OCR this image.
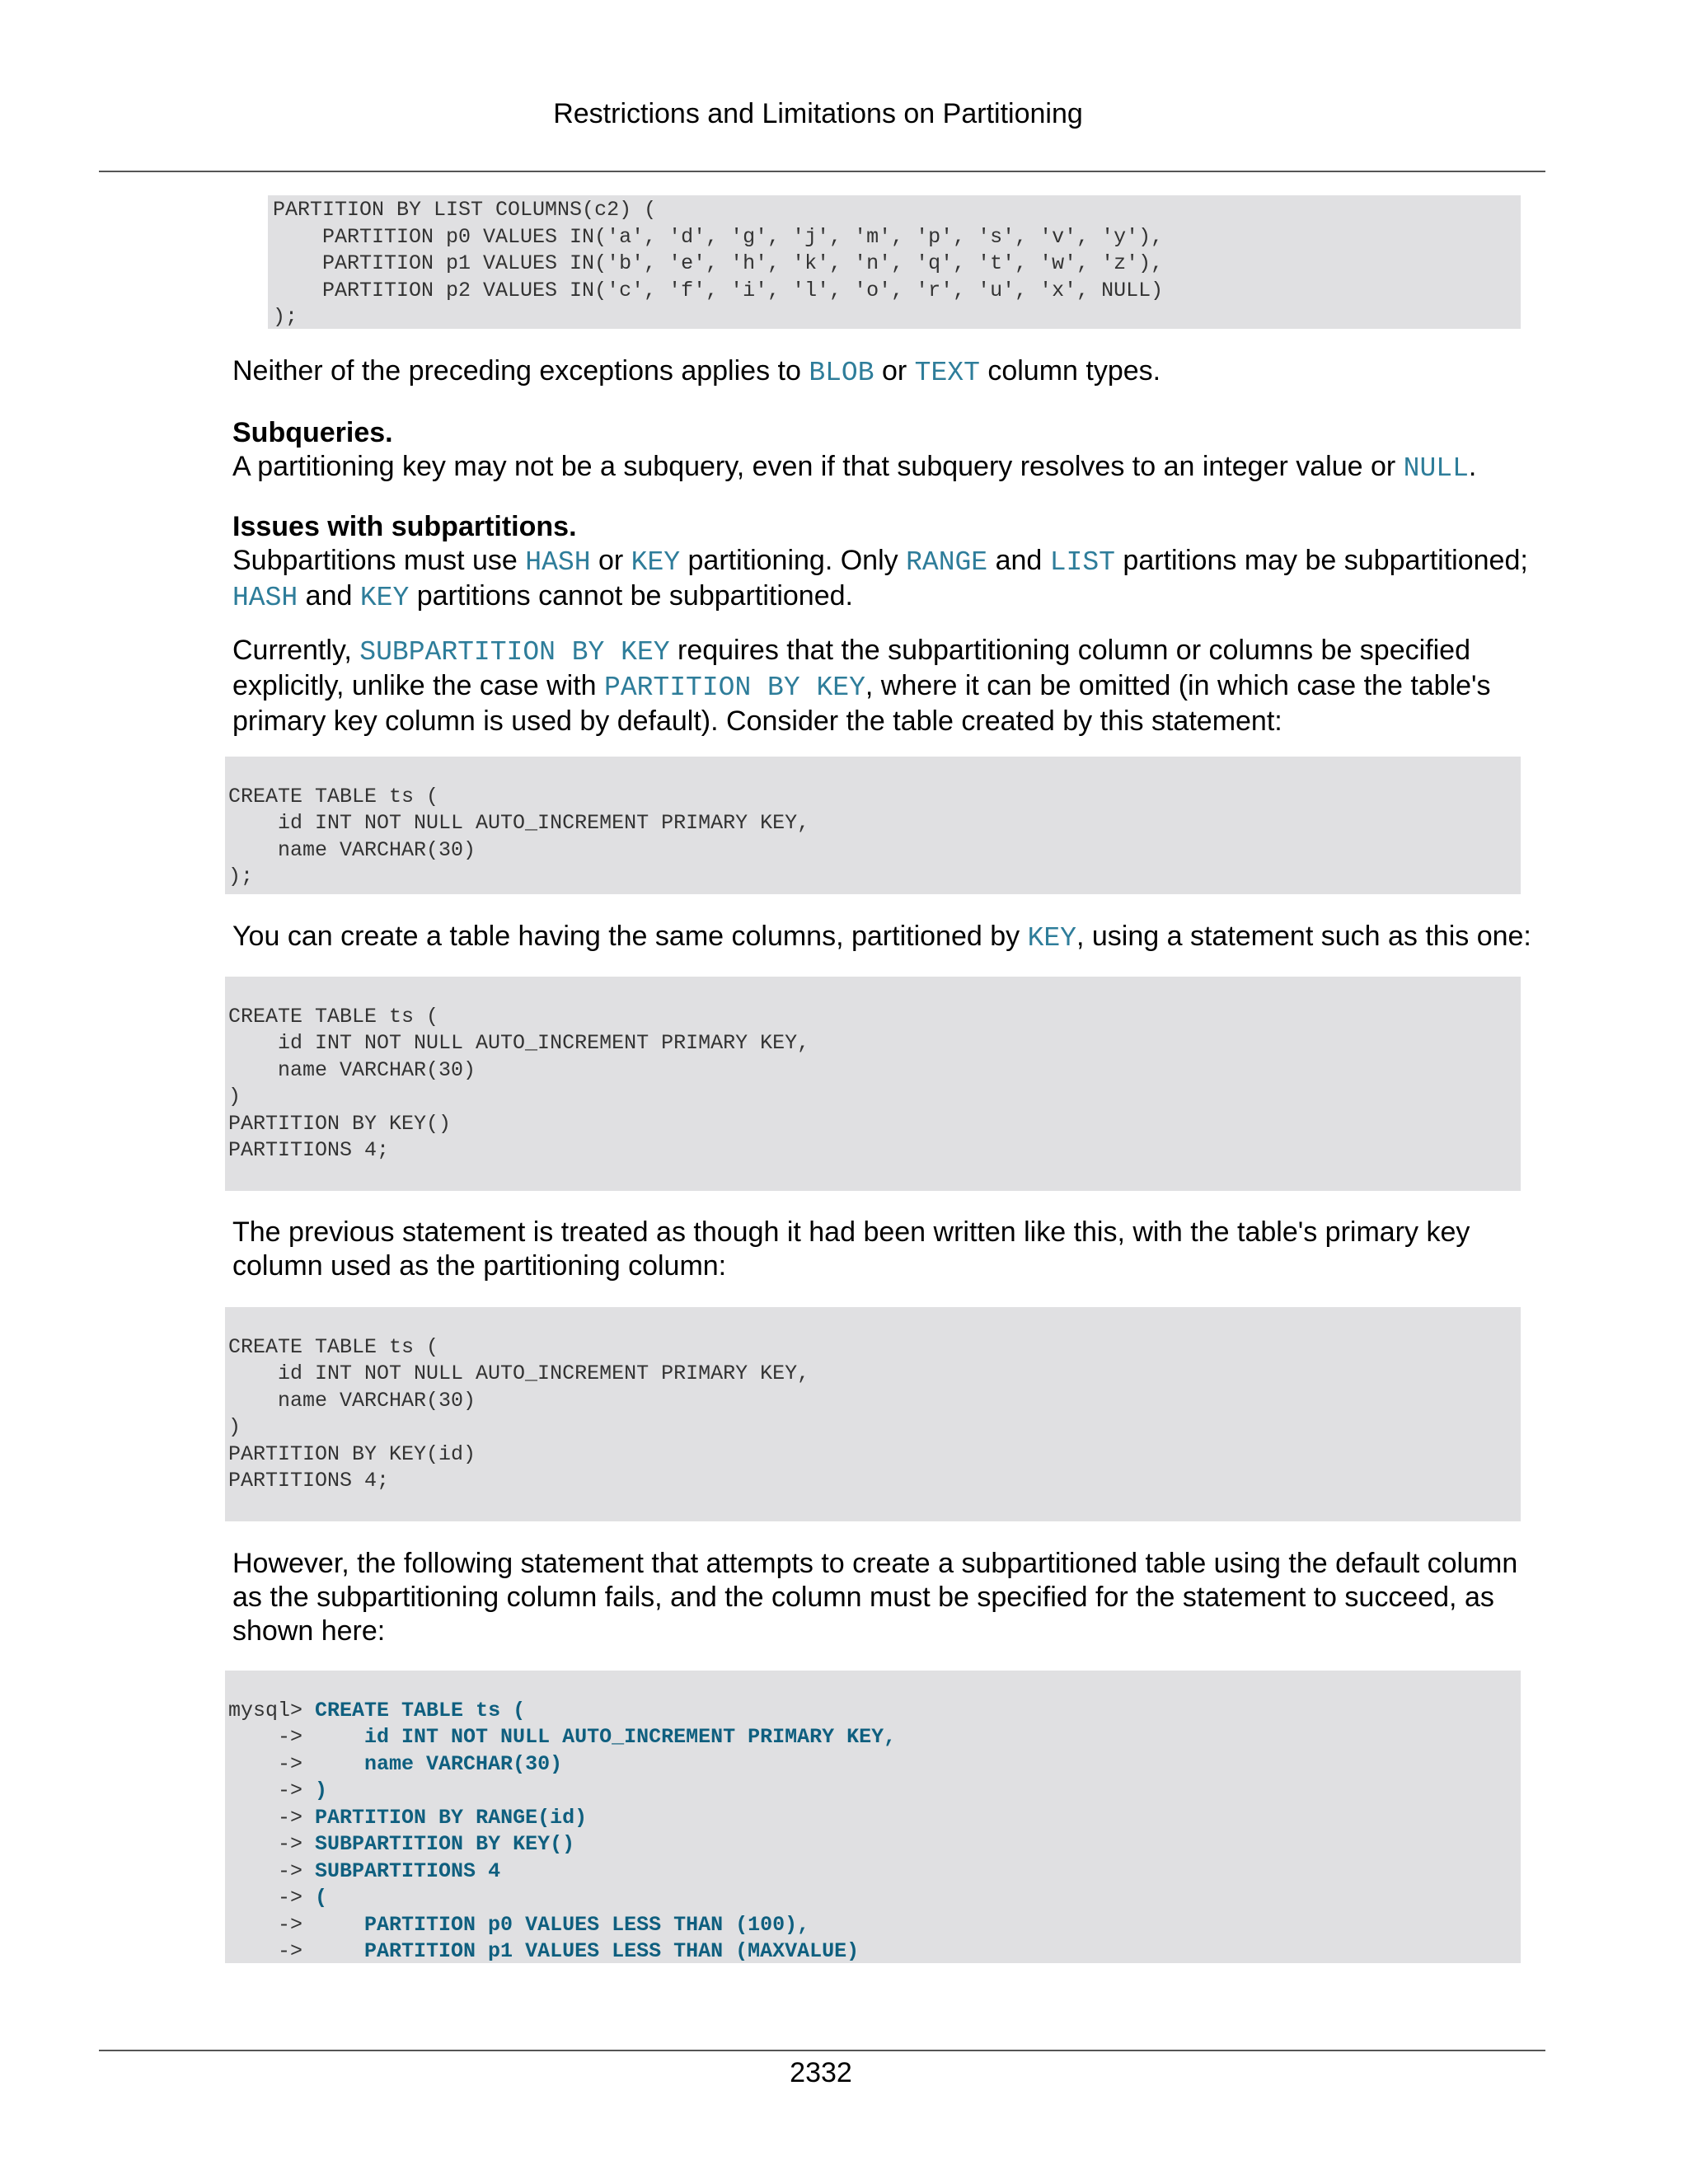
Restrictions and Limitations on Partitioning
PARTITION BY LIST COLUMNS(c2) (
PARTITION p0 VALUES IN('a', 'd', 'g', 'j', 'm', 'p', 's', 'v', 'y'),
PARTITION p1 VALUES IN('b', 'e', 'h', 'k', 'n', 'q', 't', 'w', 'z'),
PARTITION p2 VALUES IN('c', 'f', 'i', 'l', 'o', 'r', 'u', 'x', NULL)
);

Neither of the preceding exceptions applies to BLOB or TEXT column types.

Subqueries.
A partitioning key may not be a subquery, even if that subquery resolves to an integer value or NULL.

Issues with subpartitions.
Subpartitions must use HASH or KEY partitioning. Only RANGE and LIST partitions may be subpartitioned; HASH and KEY partitions cannot be subpartitioned.

Currently, SUBPARTITION BY KEY requires that the subpartitioning column or columns be specified explicitly, unlike the case with PARTITION BY KEY, where it can be omitted (in which case the table's primary key column is used by default). Consider the table created by this statement:

CREATE TABLE ts (
id INT NOT NULL AUTO_INCREMENT PRIMARY KEY,
name VARCHAR(30)
);

You can create a table having the same columns, partitioned by KEY, using a statement such as this one:

CREATE TABLE ts (
id INT NOT NULL AUTO_INCREMENT PRIMARY KEY,
name VARCHAR(30)
)
PARTITION BY KEY()
PARTITIONS 4;

The previous statement is treated as though it had been written like this, with the table's primary key column used as the partitioning column:

CREATE TABLE ts (
id INT NOT NULL AUTO_INCREMENT PRIMARY KEY,
name VARCHAR(30)
)
PARTITION BY KEY(id)
PARTITIONS 4;

However, the following statement that attempts to create a subpartitioned table using the default column as the subpartitioning column fails, and the column must be specified for the statement to succeed, as shown here:

mysql> CREATE TABLE ts (
->     id INT NOT NULL AUTO_INCREMENT PRIMARY KEY,
->     name VARCHAR(30)
-> )
-> PARTITION BY RANGE(id)
-> SUBPARTITION BY KEY()
-> SUBPARTITIONS 4
-> (
->     PARTITION p0 VALUES LESS THAN (100),
->     PARTITION p1 VALUES LESS THAN (MAXVALUE)
2332
